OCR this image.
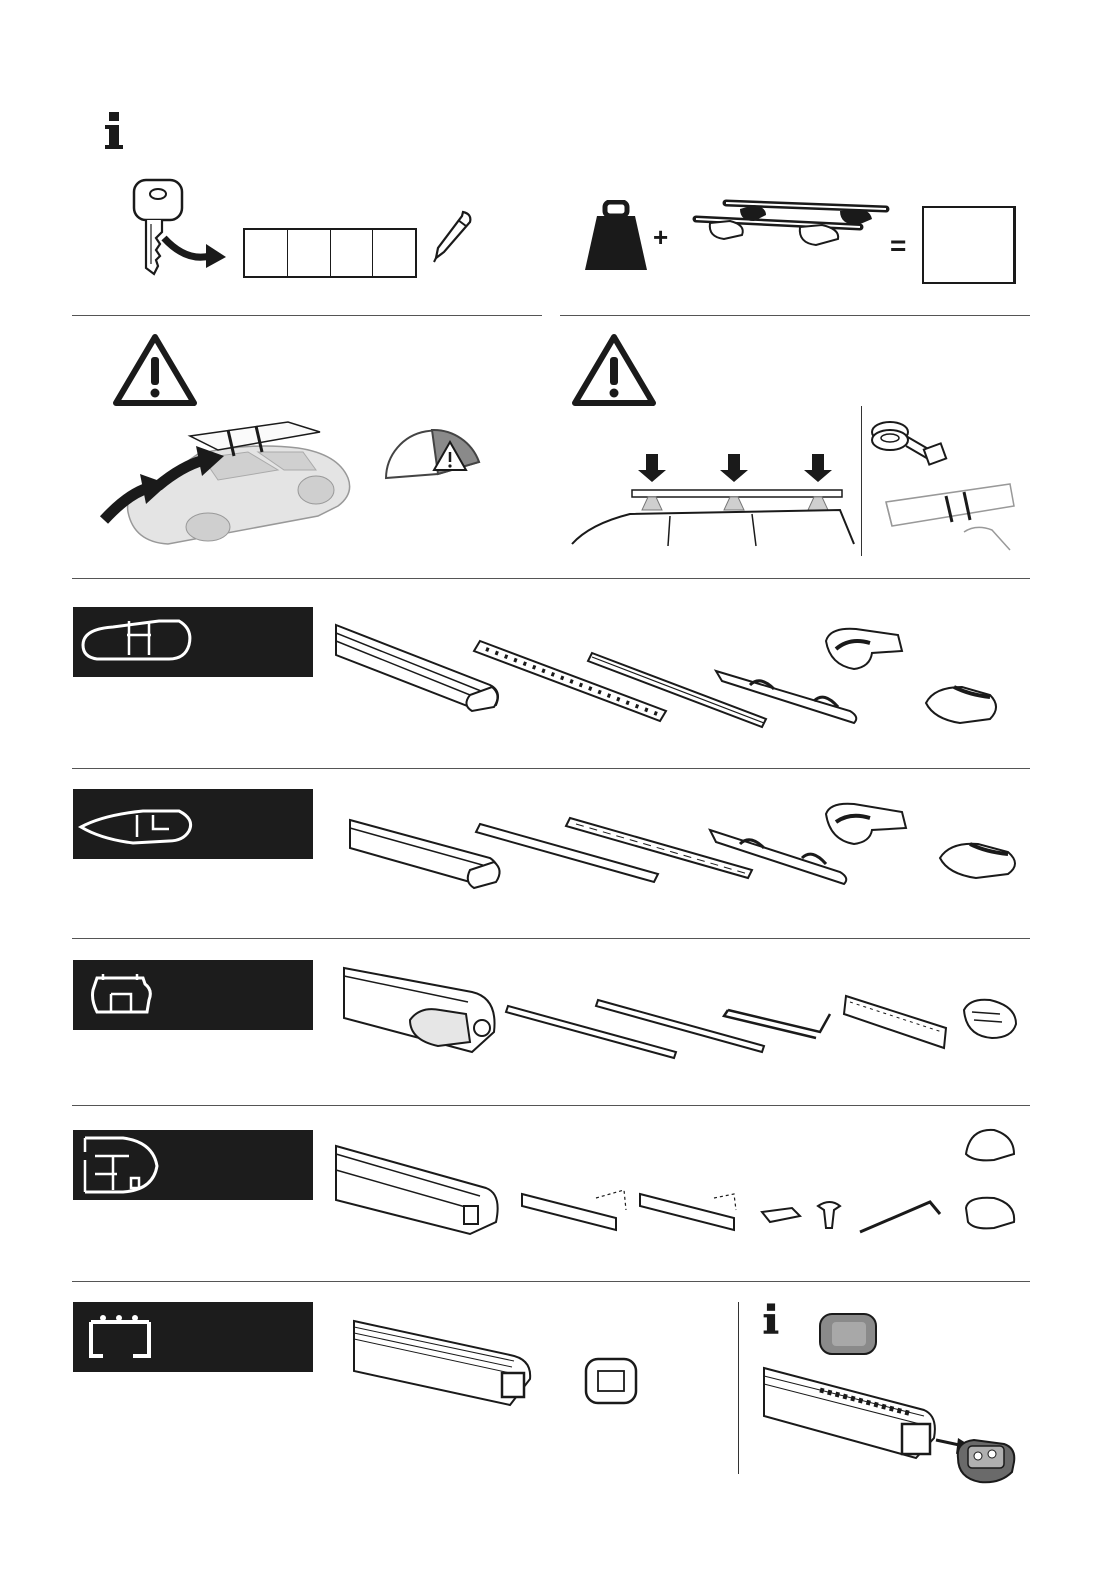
+	=
